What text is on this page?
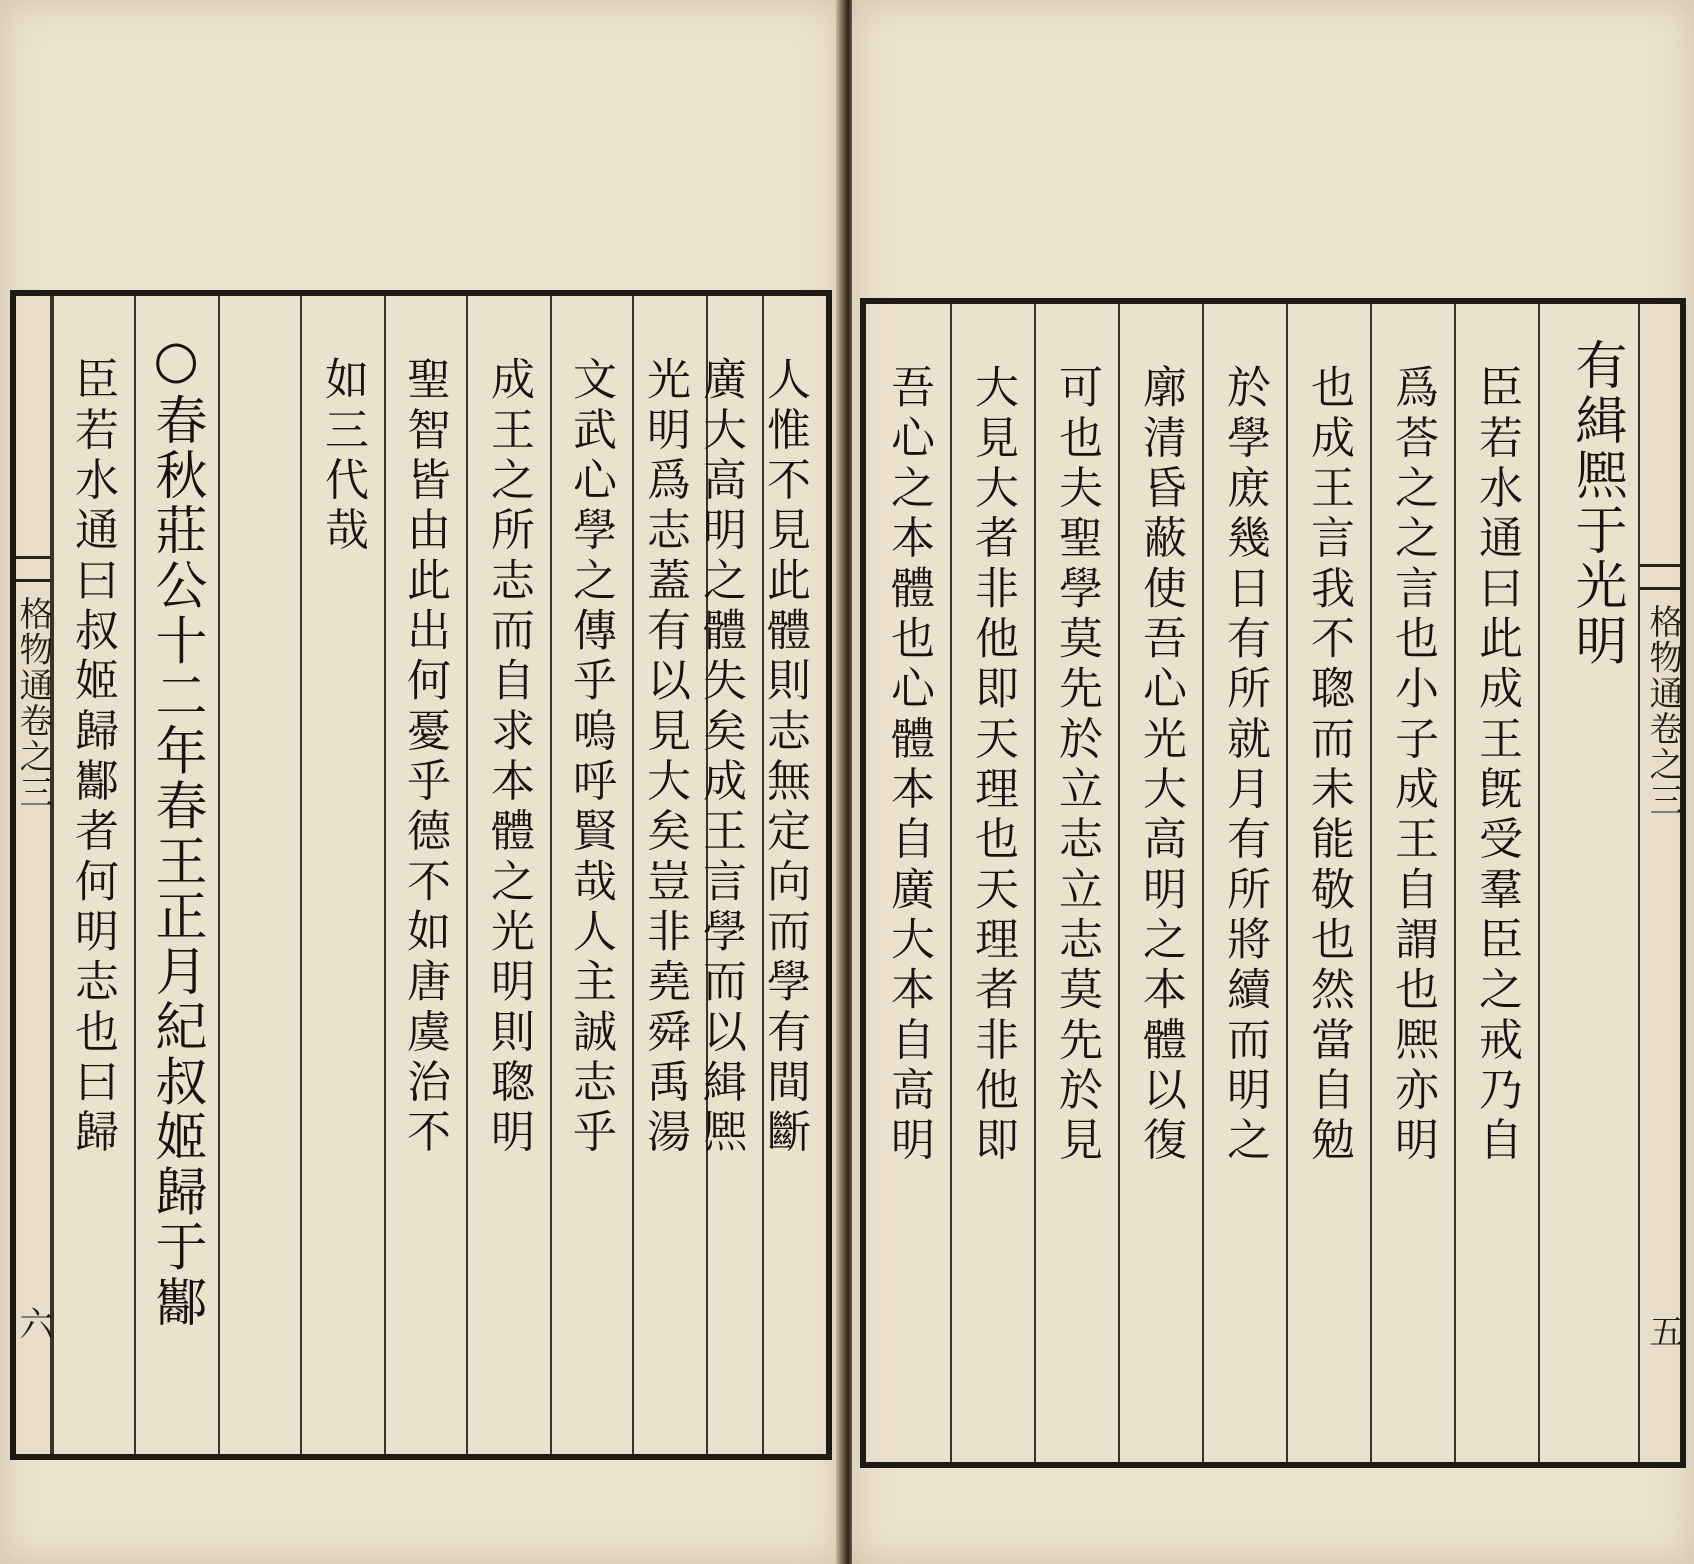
格物通卷之三
六
臣若水通曰叔姬歸酅者何明志也曰歸 ○春秋莊公十二年春王正月紀叔姬歸于酅	如三代哉 聖智皆由此出何憂乎德不如唐虞治不 成王之所志而自求本體之光明則聦明 文武心學之傳乎嗚呼賢哉人主誠志乎 光明爲志蓋有以見大矣豈非堯舜禹湯 廣大高明之體失矣成王言學而以緝熈 人惟不見此體則志無定向而學有間斷	吾心之本體也心體本自廣大本自高明 大見大者非他即天理也天理者非他即 可也夫聖學莫先於立志立志莫先於見 廓清昏蔽使吾心光大高明之本體以復 於學庻幾日有所就月有所將續而明之 也成王言我不聦而未能敬也然當自勉 爲荅之之言也小子成王自謂也熈亦明 臣若水通曰此成王旣受羣臣之戒乃自 有緝熈于光明
格物通卷之三
五
